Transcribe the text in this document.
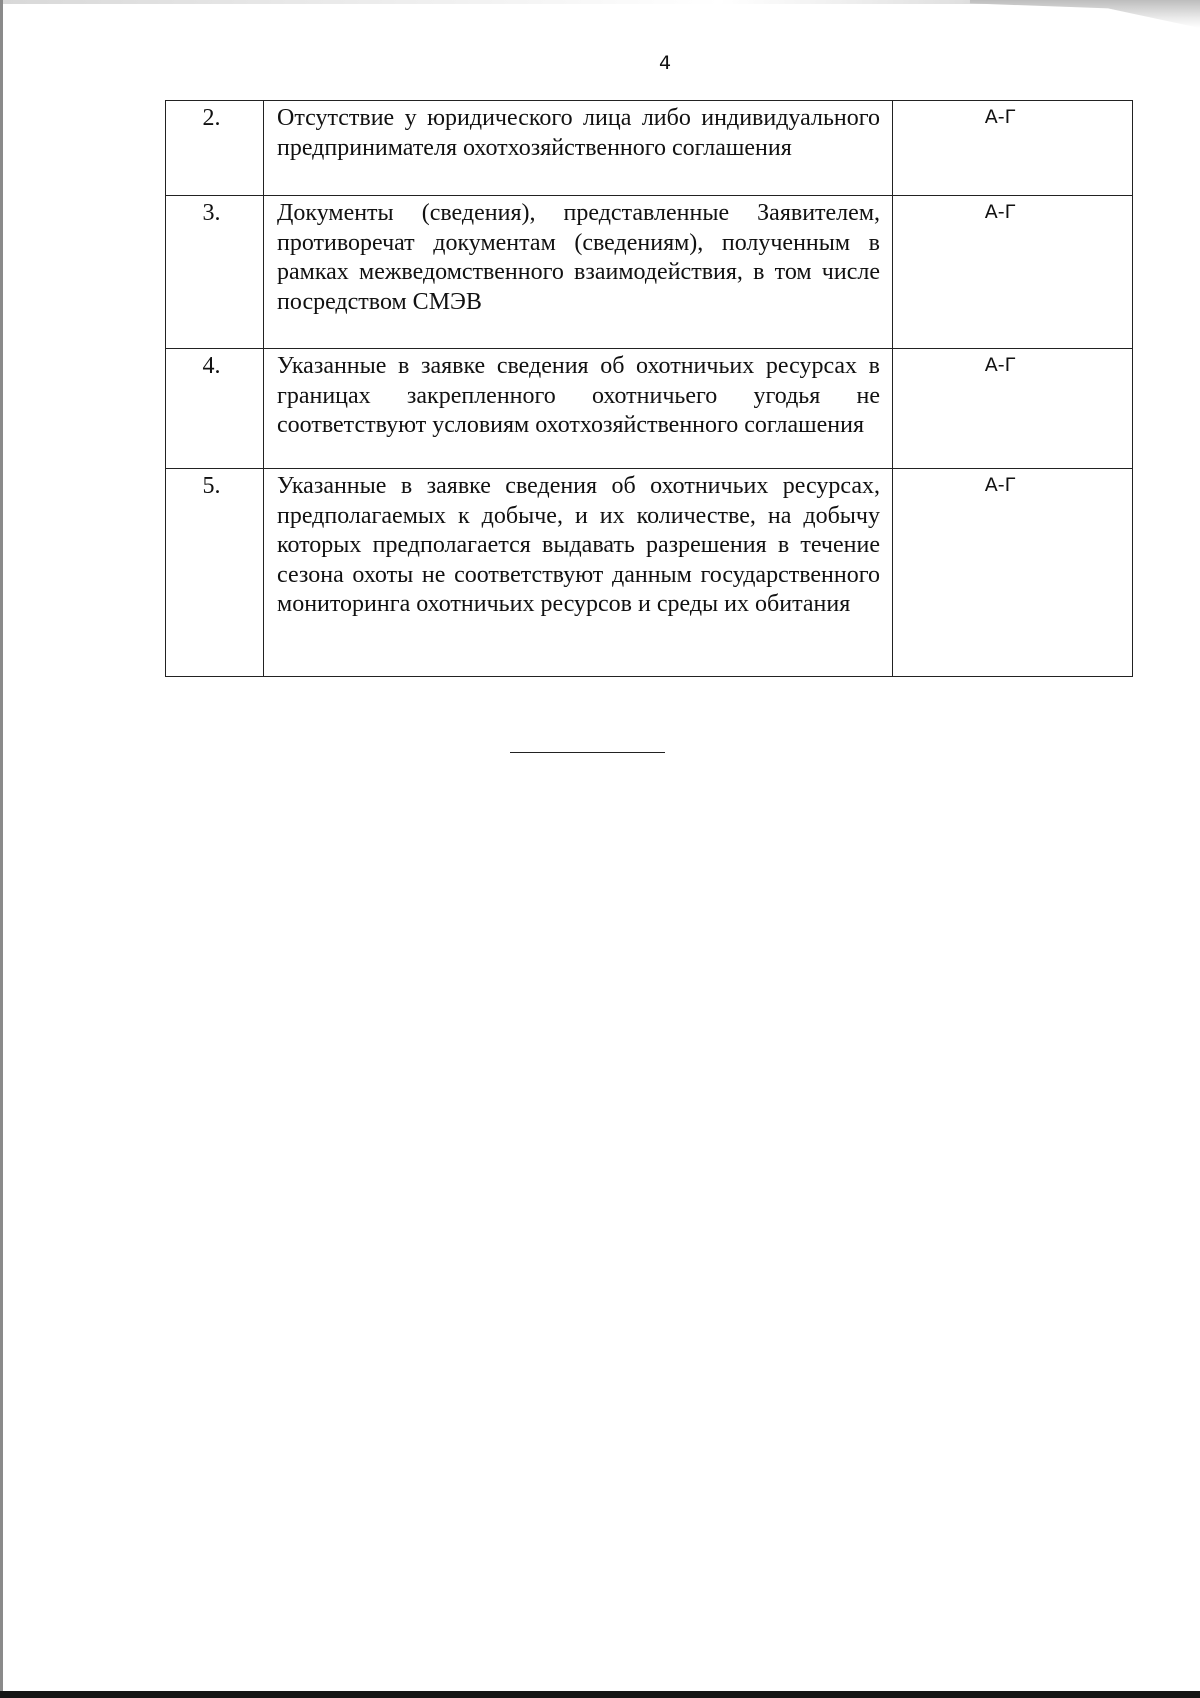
4
2.	Отсутствие у юридического лица либо индивидуального предпринимателя охотхозяйственного соглашения	А-Г
3.	Документы (сведения), представленные Заявителем, противоречат документам (сведениям), полученным в рамках межведомственного взаимодействия, в том числе посредством СМЭВ	А-Г
4.	Указанные в заявке сведения об охотничьих ресурсах в границах закрепленного охотничьего угодья не соответствуют условиям охотхозяйственного соглашения	А-Г
5.	Указанные в заявке сведения об охотничьих ресурсах, предполагаемых к добыче, и их количестве, на добычу которых предполагается выдавать разрешения в течение сезона охоты не соответствуют данным государственного мониторинга охотничьих ресурсов и среды их обитания	А-Г
